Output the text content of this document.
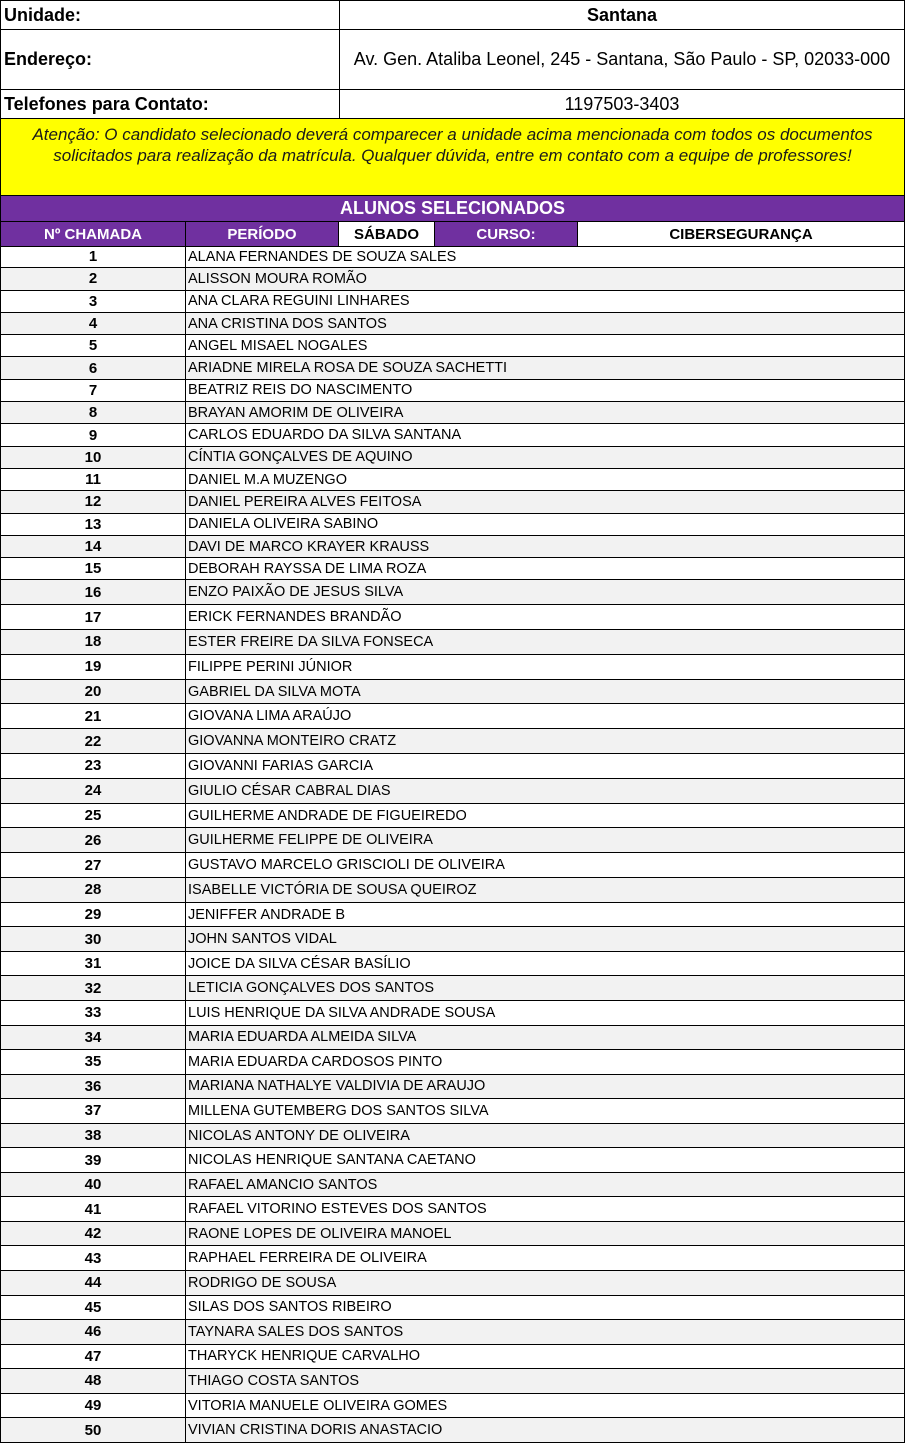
Unidade:	Santana
Endereço:	Av. Gen. Ataliba Leonel, 245 - Santana, São Paulo - SP, 02033-000
Telefones para Contato:	1197503-3403
Atenção: O candidato selecionado deverá comparecer a unidade acima mencionada com todos os documentos solicitados para realização da matrícula. Qualquer dúvida, entre em contato com a equipe de professores!
ALUNOS SELECIONADOS
Nº CHAMADA	PERÍODO	SÁBADO	CURSO:	CIBERSEGURANÇA
1	ALANA FERNANDES DE SOUZA SALES
2	ALISSON MOURA ROMÃO
3	ANA CLARA REGUINI LINHARES
4	ANA CRISTINA DOS SANTOS
5	ANGEL MISAEL NOGALES
6	ARIADNE MIRELA ROSA DE SOUZA SACHETTI
7	BEATRIZ REIS DO NASCIMENTO
8	BRAYAN AMORIM DE OLIVEIRA
9	CARLOS EDUARDO DA SILVA SANTANA
10	CÍNTIA GONÇALVES DE AQUINO
11	DANIEL M.A MUZENGO
12	DANIEL PEREIRA ALVES FEITOSA
13	DANIELA OLIVEIRA SABINO
14	DAVI DE MARCO KRAYER KRAUSS
15	DEBORAH RAYSSA DE LIMA ROZA
16	ENZO PAIXÃO DE JESUS SILVA
17	ERICK FERNANDES BRANDÃO
18	ESTER FREIRE DA SILVA FONSECA
19	FILIPPE PERINI JÚNIOR
20	GABRIEL DA SILVA MOTA
21	GIOVANA LIMA ARAÚJO
22	GIOVANNA MONTEIRO CRATZ
23	GIOVANNI FARIAS GARCIA
24	GIULIO CÉSAR CABRAL DIAS
25	GUILHERME ANDRADE DE FIGUEIREDO
26	GUILHERME FELIPPE DE OLIVEIRA
27	GUSTAVO MARCELO GRISCIOLI DE OLIVEIRA
28	ISABELLE VICTÓRIA DE SOUSA QUEIROZ
29	JENIFFER ANDRADE B
30	JOHN SANTOS VIDAL
31	JOICE DA SILVA CÉSAR BASÍLIO
32	LETICIA GONÇALVES DOS SANTOS
33	LUIS HENRIQUE DA SILVA ANDRADE SOUSA
34	MARIA EDUARDA ALMEIDA SILVA
35	MARIA EDUARDA CARDOSOS PINTO
36	MARIANA NATHALYE VALDIVIA DE ARAUJO
37	MILLENA GUTEMBERG DOS SANTOS SILVA
38	NICOLAS ANTONY DE OLIVEIRA
39	NICOLAS HENRIQUE SANTANA CAETANO
40	RAFAEL AMANCIO SANTOS
41	RAFAEL VITORINO ESTEVES DOS SANTOS
42	RAONE LOPES DE OLIVEIRA MANOEL
43	RAPHAEL FERREIRA DE OLIVEIRA
44	RODRIGO DE SOUSA
45	SILAS DOS SANTOS RIBEIRO
46	TAYNARA SALES DOS SANTOS
47	THARYCK HENRIQUE CARVALHO
48	THIAGO COSTA SANTOS
49	VITORIA MANUELE OLIVEIRA GOMES
50	VIVIAN CRISTINA DORIS ANASTACIO
